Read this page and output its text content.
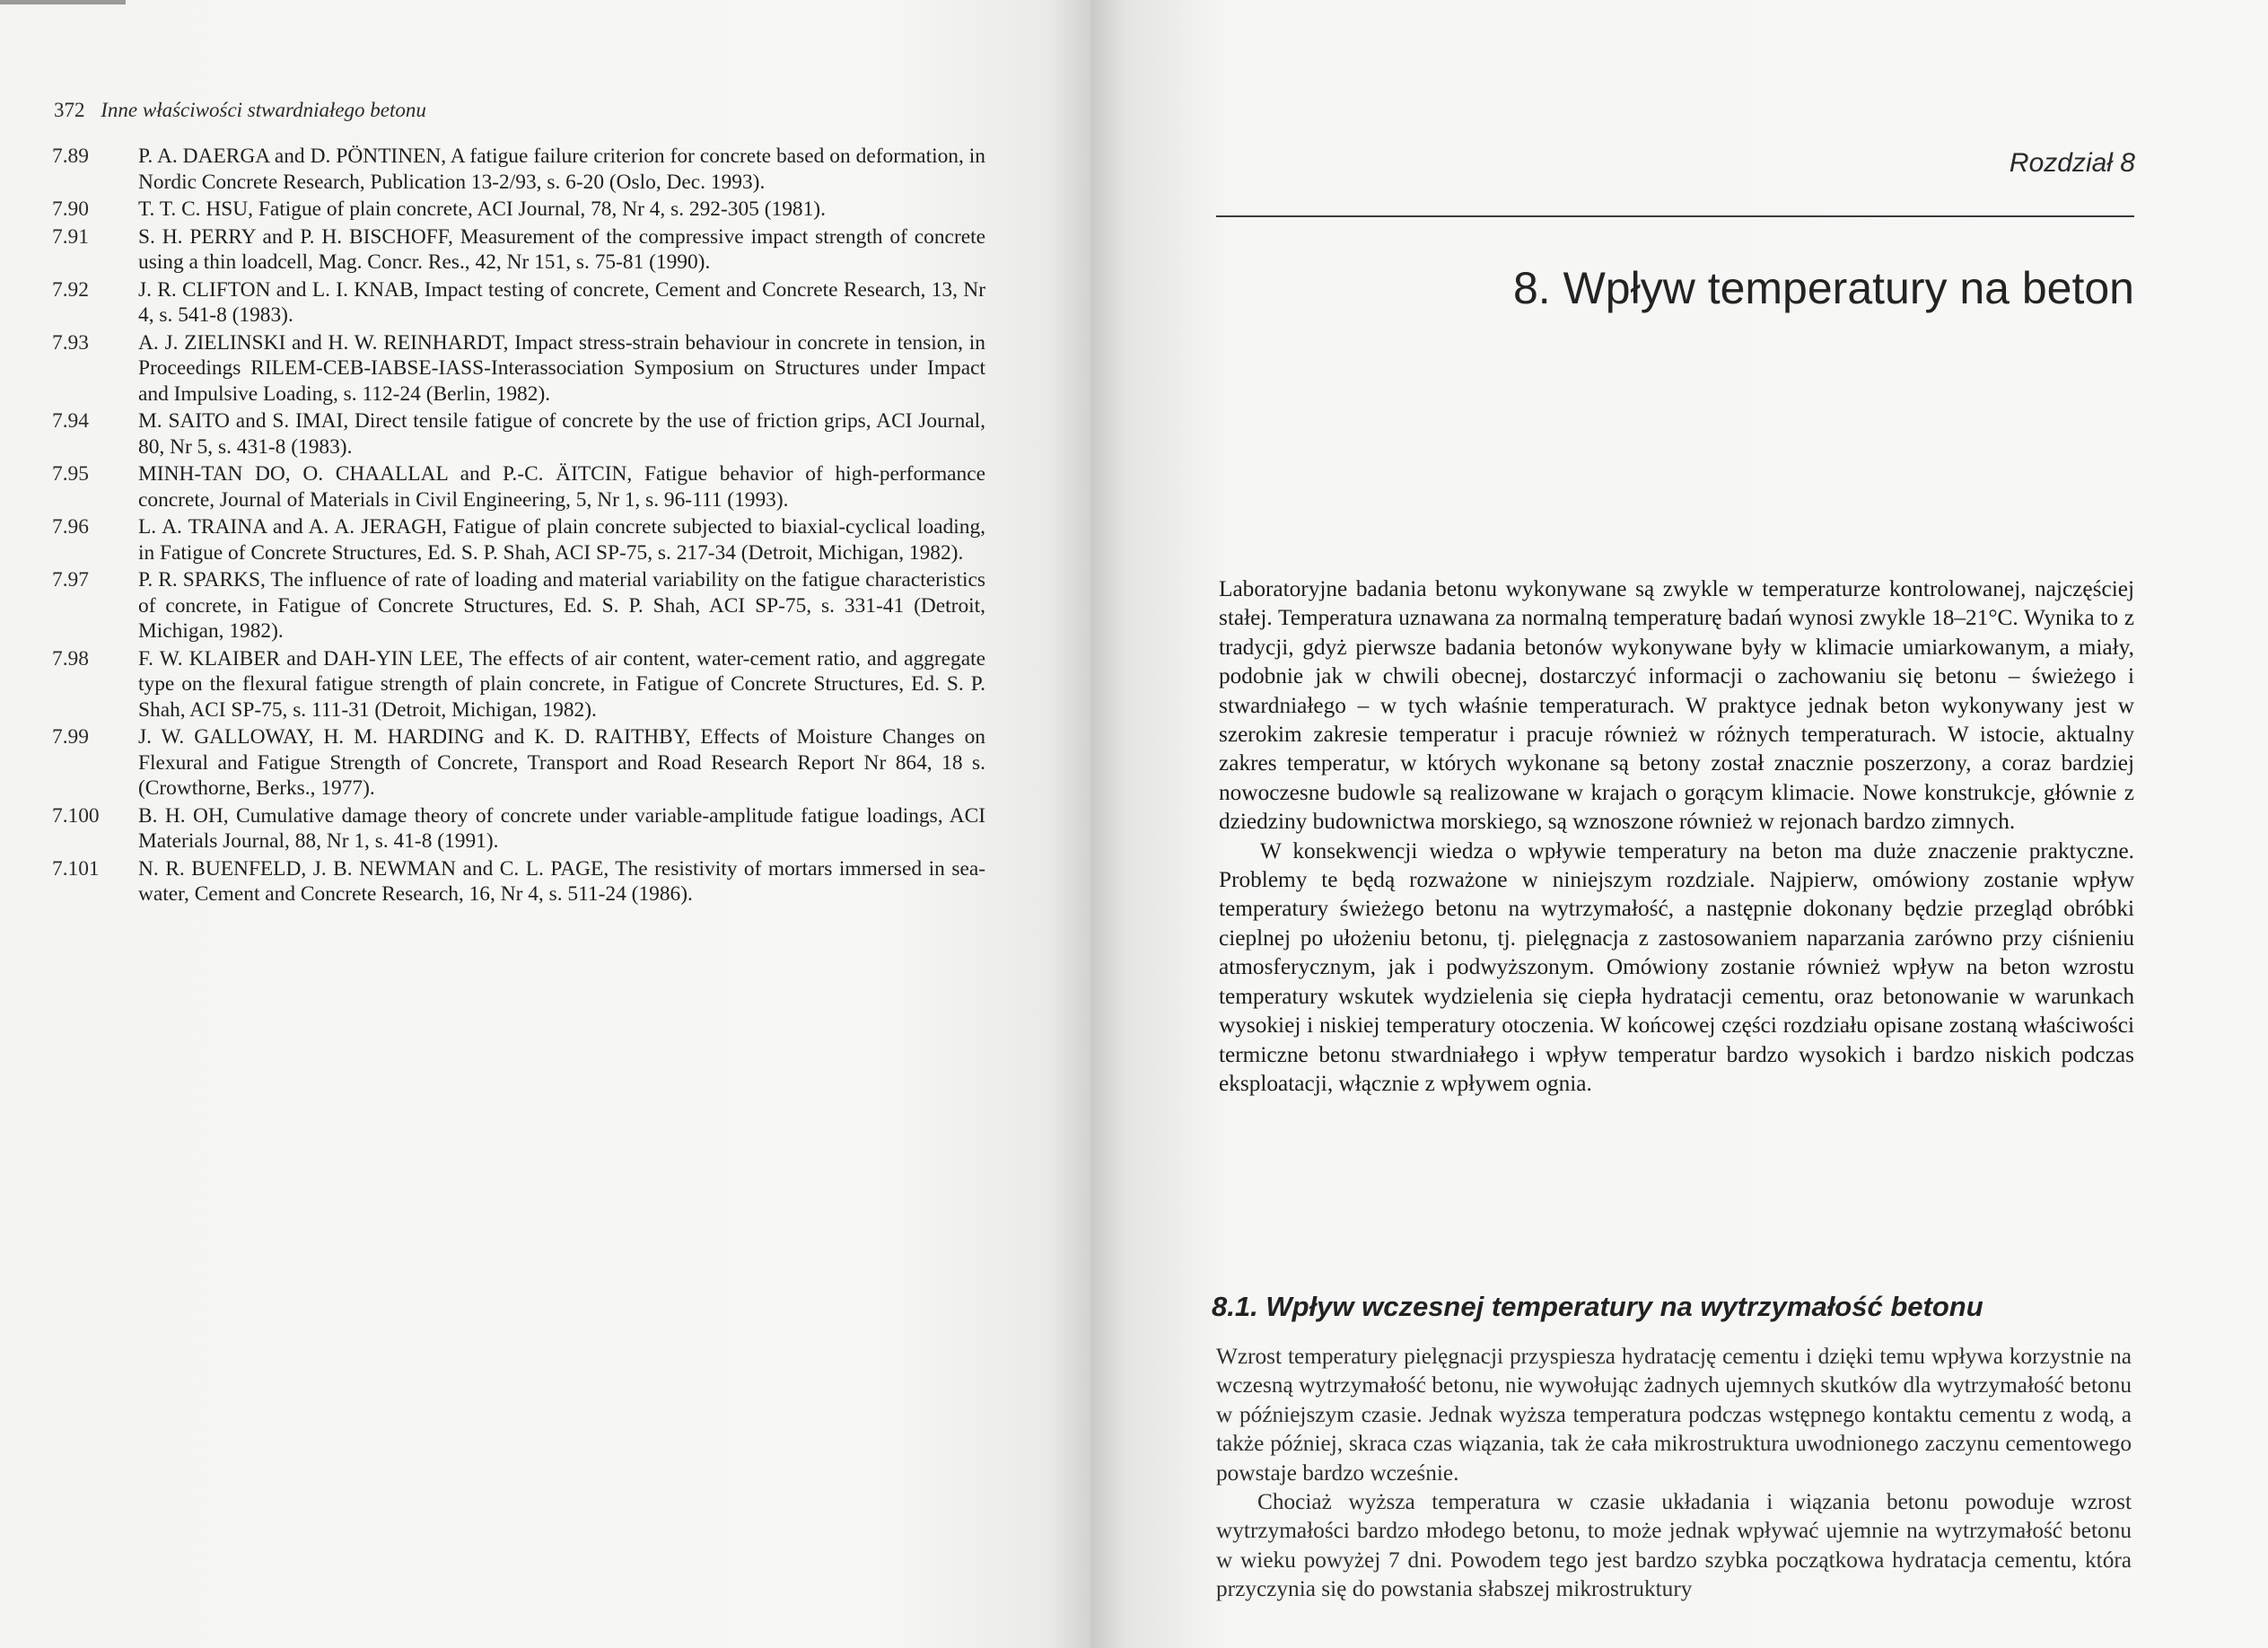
372 Inne właściwości stwardniałego betonu
7.89	P. A. DAERGA and D. PÖNTINEN, A fatigue failure criterion for concrete based on deformation, in Nordic Concrete Research, Publication 13-2/93, s. 6-20 (Oslo, Dec. 1993).
7.90	T. T. C. HSU, Fatigue of plain concrete, ACI Journal, 78, Nr 4, s. 292-305 (1981).
7.91	S. H. PERRY and P. H. BISCHOFF, Measurement of the compressive impact strength of concrete using a thin loadcell, Mag. Concr. Res., 42, Nr 151, s. 75-81 (1990).
7.92	J. R. CLIFTON and L. I. KNAB, Impact testing of concrete, Cement and Concrete Research, 13, Nr 4, s. 541-8 (1983).
7.93	A. J. ZIELINSKI and H. W. REINHARDT, Impact stress-strain behaviour in concrete in tension, in Proceedings RILEM-CEB-IABSE-IASS-Interassociation Symposium on Structures under Impact and Impulsive Loading, s. 112-24 (Berlin, 1982).
7.94	M. SAITO and S. IMAI, Direct tensile fatigue of concrete by the use of friction grips, ACI Journal, 80, Nr 5, s. 431-8 (1983).
7.95	MINH-TAN DO, O. CHAALLAL and P.-C. ÄITCIN, Fatigue behavior of high-performance concrete, Journal of Materials in Civil Engineering, 5, Nr 1, s. 96-111 (1993).
7.96	L. A. TRAINA and A. A. JERAGH, Fatigue of plain concrete subjected to biaxial-cyclical loading, in Fatigue of Concrete Structures, Ed. S. P. Shah, ACI SP-75, s. 217-34 (Detroit, Michigan, 1982).
7.97	P. R. SPARKS, The influence of rate of loading and material variability on the fatigue characteristics of concrete, in Fatigue of Concrete Structures, Ed. S. P. Shah, ACI SP-75, s. 331-41 (Detroit, Michigan, 1982).
7.98	F. W. KLAIBER and DAH-YIN LEE, The effects of air content, water-cement ratio, and aggregate type on the flexural fatigue strength of plain concrete, in Fatigue of Concrete Structures, Ed. S. P. Shah, ACI SP-75, s. 111-31 (Detroit, Michigan, 1982).
7.99	J. W. GALLOWAY, H. M. HARDING and K. D. RAITHBY, Effects of Moisture Changes on Flexural and Fatigue Strength of Concrete, Transport and Road Research Report Nr 864, 18 s. (Crowthorne, Berks., 1977).
7.100	B. H. OH, Cumulative damage theory of concrete under variable-amplitude fatigue loadings, ACI Materials Journal, 88, Nr 1, s. 41-8 (1991).
7.101	N. R. BUENFELD, J. B. NEWMAN and C. L. PAGE, The resistivity of mortars immersed in sea-water, Cement and Concrete Research, 16, Nr 4, s. 511-24 (1986).
Rozdział 8
8. Wpływ temperatury na beton

Laboratoryjne badania betonu wykonywane są zwykle w temperaturze kontrolowanej, najczęściej stałej. Temperatura uznawana za normalną temperaturę badań wynosi zwykle 18–21°C. Wynika to z tradycji, gdyż pierwsze badania betonów wykonywane były w klimacie umiarkowanym, a miały, podobnie jak w chwili obecnej, dostarczyć informacji o zachowaniu się betonu – świeżego i stwardniałego – w tych właśnie temperaturach. W praktyce jednak beton wykonywany jest w szerokim zakresie temperatur i pracuje również w różnych temperaturach. W istocie, aktualny zakres temperatur, w których wykonane są betony został znacznie poszerzony, a coraz bardziej nowoczesne budowle są realizowane w krajach o gorącym klimacie. Nowe konstrukcje, głównie z dziedziny budownictwa morskiego, są wznoszone również w rejonach bardzo zimnych.

W konsekwencji wiedza o wpływie temperatury na beton ma duże znaczenie praktyczne. Problemy te będą rozważone w niniejszym rozdziale. Najpierw, omówiony zostanie wpływ temperatury świeżego betonu na wytrzymałość, a następnie dokonany będzie przegląd obróbki cieplnej po ułożeniu betonu, tj. pielęgnacja z zastosowaniem naparzania zarówno przy ciśnieniu atmosferycznym, jak i podwyższonym. Omówiony zostanie również wpływ na beton wzrostu temperatury wskutek wydzielenia się ciepła hydratacji cementu, oraz betonowanie w warunkach wysokiej i niskiej temperatury otoczenia. W końcowej części rozdziału opisane zostaną właściwości termiczne betonu stwardniałego i wpływ temperatur bardzo wysokich i bardzo niskich podczas eksploatacji, włącznie z wpływem ognia.

8.1. Wpływ wczesnej temperatury na wytrzymałość betonu

Wzrost temperatury pielęgnacji przyspiesza hydratację cementu i dzięki temu wpływa korzystnie na wczesną wytrzymałość betonu, nie wywołując żadnych ujemnych skutków dla wytrzymałość betonu w późniejszym czasie. Jednak wyższa temperatura podczas wstępnego kontaktu cementu z wodą, a także później, skraca czas wiązania, tak że cała mikrostruktura uwodnionego zaczynu cementowego powstaje bardzo wcześnie.

Chociaż wyższa temperatura w czasie układania i wiązania betonu powoduje wzrost wytrzymałości bardzo młodego betonu, to może jednak wpływać ujemnie na wytrzymałość betonu w wieku powyżej 7 dni. Powodem tego jest bardzo szybka początkowa hydratacja cementu, która przyczynia się do powstania słabszej mikrostruktury
